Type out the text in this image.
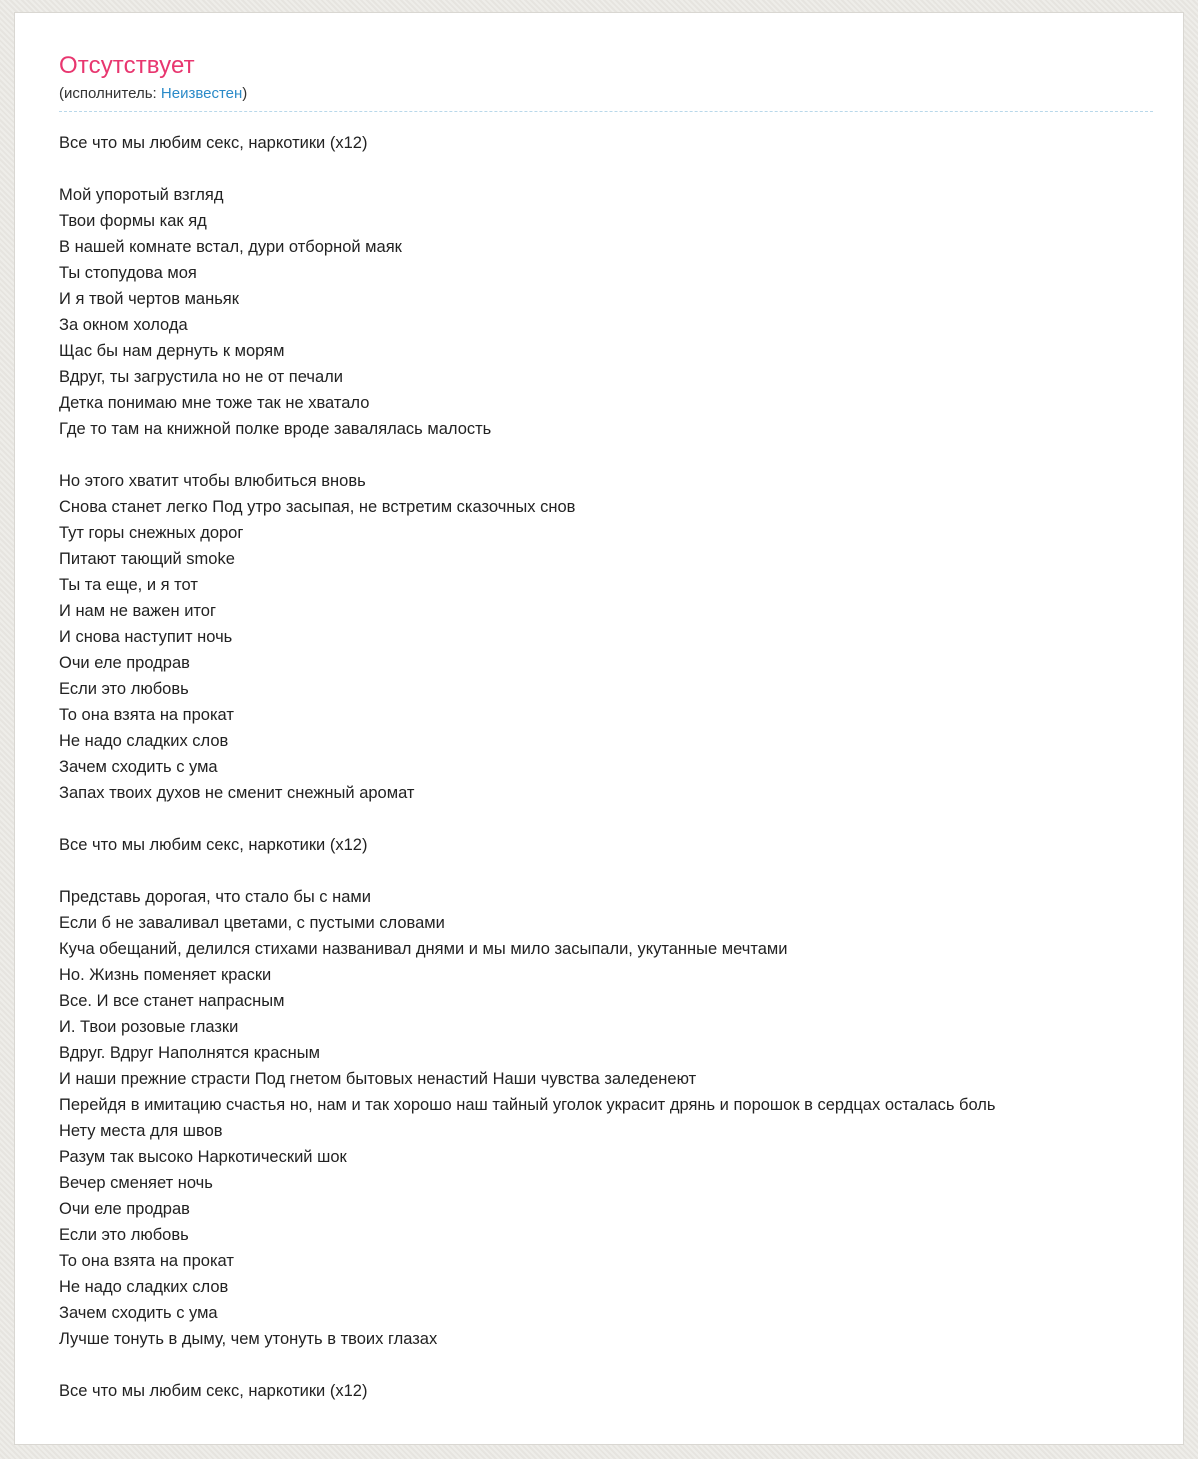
Отсутствует
(исполнитель: Неизвестен)
Все что мы любим секс, наркотики (х12)
Мой упоротый взгляд
Твои формы как яд
В нашей комнате встал, дури отборной маяк
Ты стопудова моя
И я твой чертов маньяк
За окном холода
Щас бы нам дернуть к морям
Вдруг, ты загрустила но не от печали
Детка понимаю мне тоже так не хватало
Где то там на книжной полке вроде завалялась малость
Но этого хватит чтобы влюбиться вновь
Снова станет легко Под утро засыпая, не встретим сказочных снов
Тут горы снежных дорог
Питают тающий smoke
Ты та еще, и я тот
И нам не важен итог
И снова наступит ночь
Очи еле продрав
Если это любовь
То она взята на прокат
Не надо сладких слов
Зачем сходить с ума
Запах твоих духов не сменит снежный аромат
Все что мы любим секс, наркотики (х12)
Представь дорогая, что стало бы с нами
Если б не заваливал цветами, с пустыми словами
Куча обещаний, делился стихами названивал днями и мы мило засыпали, укутанные мечтами
Но. Жизнь поменяет краски
Все. И все станет напрасным
И. Твои розовые глазки
Вдруг. Вдруг Наполнятся красным
И наши прежние страсти Под гнетом бытовых ненастий Наши чувства заледенеют
Перейдя в имитацию счастья но, нам и так хорошо наш тайный уголок украсит дрянь и порошок в сердцах осталась боль
Нету места для швов
Разум так высоко Наркотический шок
Вечер сменяет ночь
Очи еле продрав
Если это любовь
То она взята на прокат
Не надо сладких слов
Зачем сходить с ума
Лучше тонуть в дыму, чем утонуть в твоих глазах
Все что мы любим секс, наркотики (х12)
